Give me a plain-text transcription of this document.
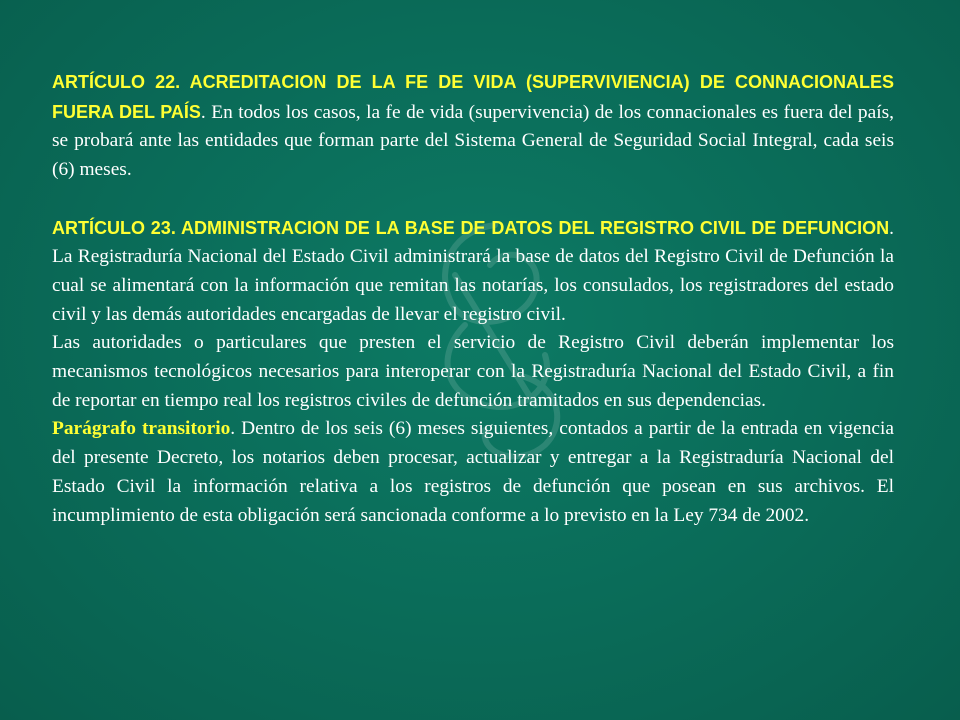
ARTÍCULO 22. ACREDITACION DE LA FE DE VIDA (SUPERVIVIENCIA) DE CONNACIONALES FUERA DEL PAÍS. En todos los casos, la fe de vida (supervivencia) de los connacionales es fuera del país, se probará ante las entidades que forman parte del Sistema General de Seguridad Social Integral, cada seis (6) meses.

ARTÍCULO 23. ADMINISTRACION DE LA BASE DE DATOS DEL REGISTRO CIVIL DE DEFUNCION. La Registraduría Nacional del Estado Civil administrará la base de datos del Registro Civil de Defunción la cual se alimentará con la información que remitan las notarías, los consulados, los registradores del estado civil y las demás autoridades encargadas de llevar el registro civil.

Las autoridades o particulares que presten el servicio de Registro Civil deberán implementar los mecanismos tecnológicos necesarios para interoperar con la Registraduría Nacional del Estado Civil, a fin de reportar en tiempo real los registros civiles de defunción tramitados en sus dependencias.

Parágrafo transitorio. Dentro de los seis (6) meses siguientes, contados a partir de la entrada en vigencia del presente Decreto, los notarios deben procesar, actualizar y entregar a la Registraduría Nacional del Estado Civil la información relativa a los registros de defunción que posean en sus archivos. El incumplimiento de esta obligación será sancionada conforme a lo previsto en la Ley 734 de 2002.
